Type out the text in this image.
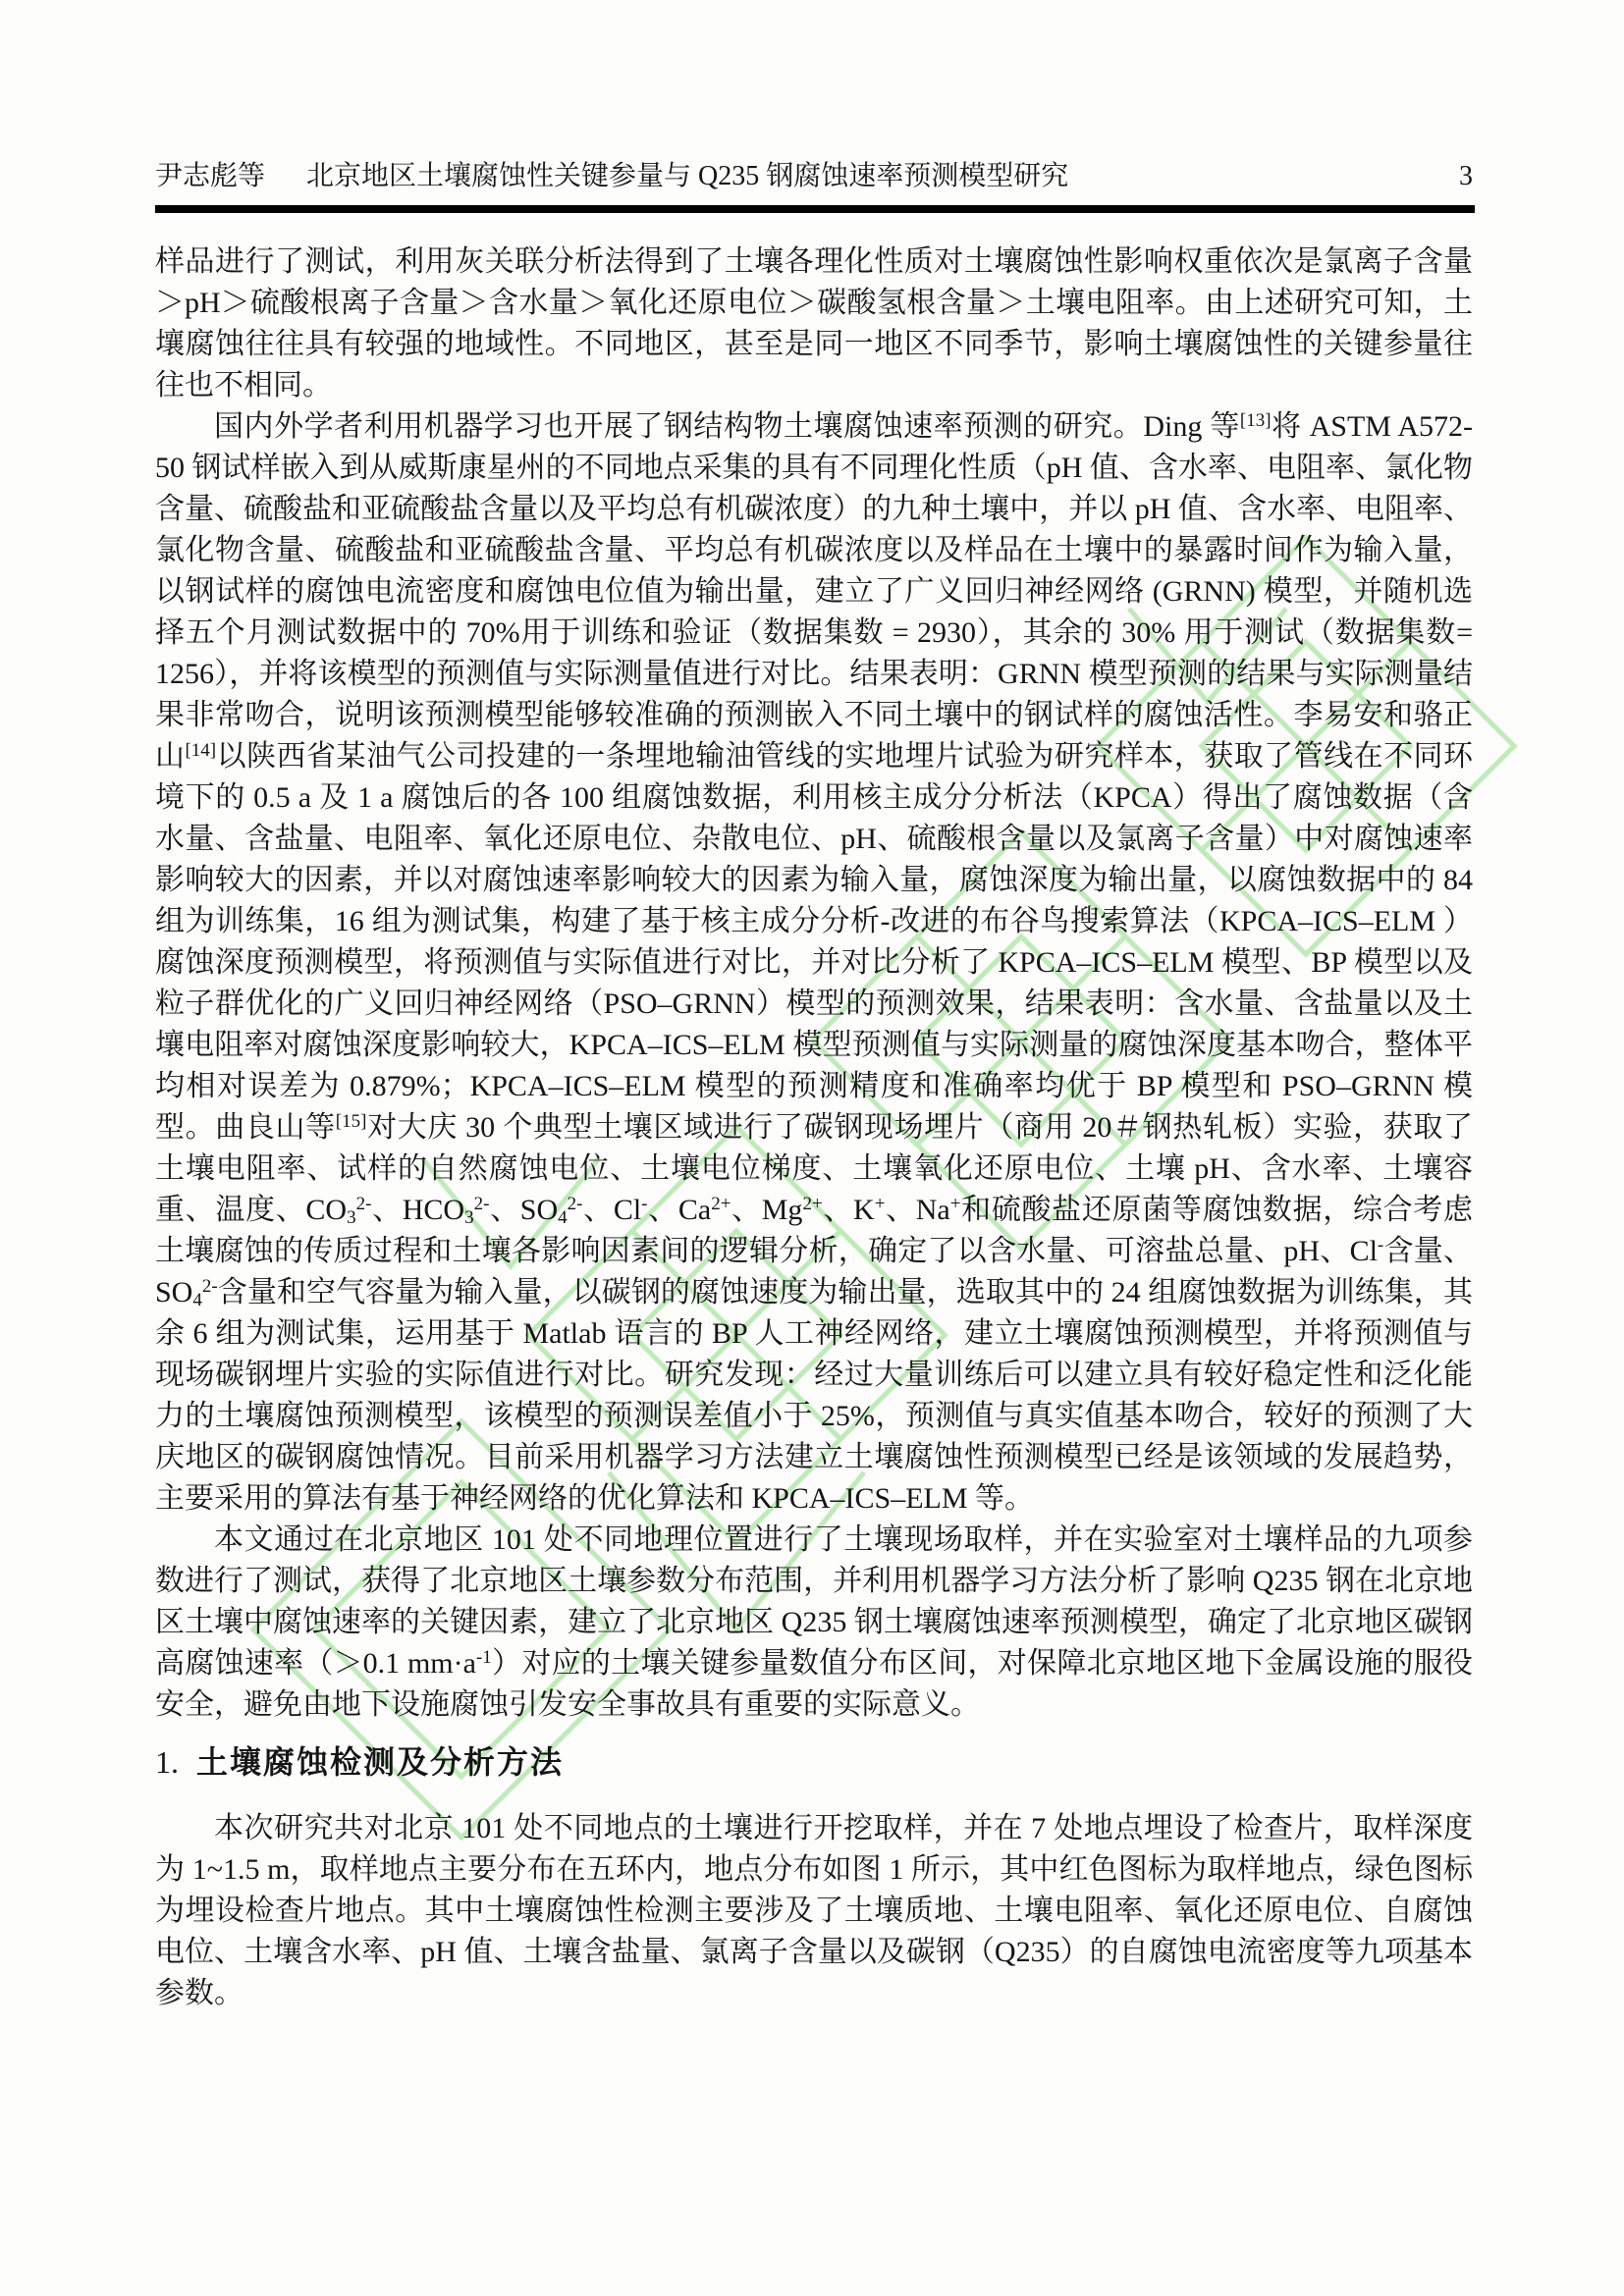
尹志彪等 北京地区土壤腐蚀性关键参量与 Q235 钢腐蚀速率预测模型研究	3

样品进行了测试，利用灰关联分析法得到了土壤各理化性质对土壤腐蚀性影响权重依次是氯离子含量＞pH＞硫酸根离子含量＞含水量＞氧化还原电位＞碳酸氢根含量＞土壤电阻率。由上述研究可知，土壤腐蚀往往具有较强的地域性。不同地区，甚至是同一地区不同季节，影响土壤腐蚀性的关键参量往往也不相同。

国内外学者利用机器学习也开展了钢结构物土壤腐蚀速率预测的研究。Ding 等[13]将 ASTM A572-50 钢试样嵌入到从威斯康星州的不同地点采集的具有不同理化性质（pH 值、含水率、电阻率、氯化物含量、硫酸盐和亚硫酸盐含量以及平均总有机碳浓度）的九种土壤中，并以 pH 值、含水率、电阻率、氯化物含量、硫酸盐和亚硫酸盐含量、平均总有机碳浓度以及样品在土壤中的暴露时间作为输入量，以钢试样的腐蚀电流密度和腐蚀电位值为输出量，建立了广义回归神经网络 (GRNN) 模型，并随机选择五个月测试数据中的 70%用于训练和验证（数据集数 = 2930），其余的 30% 用于测试（数据集数= 1256），并将该模型的预测值与实际测量值进行对比。结果表明：GRNN 模型预测的结果与实际测量结果非常吻合，说明该预测模型能够较准确的预测嵌入不同土壤中的钢试样的腐蚀活性。李易安和骆正山[14]以陕西省某油气公司投建的一条埋地输油管线的实地埋片试验为研究样本，获取了管线在不同环境下的 0.5 a 及 1 a 腐蚀后的各 100 组腐蚀数据，利用核主成分分析法（KPCA）得出了腐蚀数据（含水量、含盐量、电阻率、氧化还原电位、杂散电位、pH、硫酸根含量以及氯离子含量）中对腐蚀速率影响较大的因素，并以对腐蚀速率影响较大的因素为输入量，腐蚀深度为输出量，以腐蚀数据中的 84 组为训练集，16 组为测试集，构建了基于核主成分分析-改进的布谷鸟搜索算法（KPCA–ICS–ELM ）腐蚀深度预测模型，将预测值与实际值进行对比，并对比分析了 KPCA–ICS–ELM 模型、BP 模型以及粒子群优化的广义回归神经网络（PSO–GRNN）模型的预测效果，结果表明：含水量、含盐量以及土壤电阻率对腐蚀深度影响较大，KPCA–ICS–ELM 模型预测值与实际测量的腐蚀深度基本吻合，整体平均相对误差为 0.879%；KPCA–ICS–ELM 模型的预测精度和准确率均优于 BP 模型和 PSO–GRNN 模型。曲良山等[15]对大庆 30 个典型土壤区域进行了碳钢现场埋片（商用 20＃钢热轧板）实验，获取了土壤电阻率、试样的自然腐蚀电位、土壤电位梯度、土壤氧化还原电位、土壤 pH、含水率、土壤容重、温度、$CO_3^{2-}$、$HCO_3^{2-}$、$SO_4^{2-}$、Cl-、$Ca^{2+}$、$Mg^{2+}$、K+、Na+和硫酸盐还原菌等腐蚀数据，综合考虑土壤腐蚀的传质过程和土壤各影响因素间的逻辑分析，确定了以含水量、可溶盐总量、pH、Cl-含量、$SO_4^{2-}$含量和空气容量为输入量，以碳钢的腐蚀速度为输出量，选取其中的 24 组腐蚀数据为训练集，其余 6 组为测试集，运用基于 Matlab 语言的 BP 人工神经网络，建立土壤腐蚀预测模型，并将预测值与现场碳钢埋片实验的实际值进行对比。研究发现：经过大量训练后可以建立具有较好稳定性和泛化能力的土壤腐蚀预测模型，该模型的预测误差值小于 25%，预测值与真实值基本吻合，较好的预测了大庆地区的碳钢腐蚀情况。目前采用机器学习方法建立土壤腐蚀性预测模型已经是该领域的发展趋势，主要采用的算法有基于神经网络的优化算法和 KPCA–ICS–ELM 等。

本文通过在北京地区 101 处不同地理位置进行了土壤现场取样，并在实验室对土壤样品的九项参数进行了测试，获得了北京地区土壤参数分布范围，并利用机器学习方法分析了影响 Q235 钢在北京地区土壤中腐蚀速率的关键因素，建立了北京地区 Q235 钢土壤腐蚀速率预测模型，确定了北京地区碳钢高腐蚀速率（＞0.1 $mm\cdot a^{-1}$）对应的土壤关键参量数值分布区间，对保障北京地区地下金属设施的服役安全，避免由地下设施腐蚀引发安全事故具有重要的实际意义。

1. 土壤腐蚀检测及分析方法

本次研究共对北京 101 处不同地点的土壤进行开挖取样，并在 7 处地点埋设了检查片，取样深度为 1~1.5 m，取样地点主要分布在五环内，地点分布如图 1 所示，其中红色图标为取样地点，绿色图标为埋设检查片地点。其中土壤腐蚀性检测主要涉及了土壤质地、土壤电阻率、氧化还原电位、自腐蚀电位、土壤含水率、pH 值、土壤含盐量、氯离子含量以及碳钢（Q235）的自腐蚀电流密度等九项基本参数。
